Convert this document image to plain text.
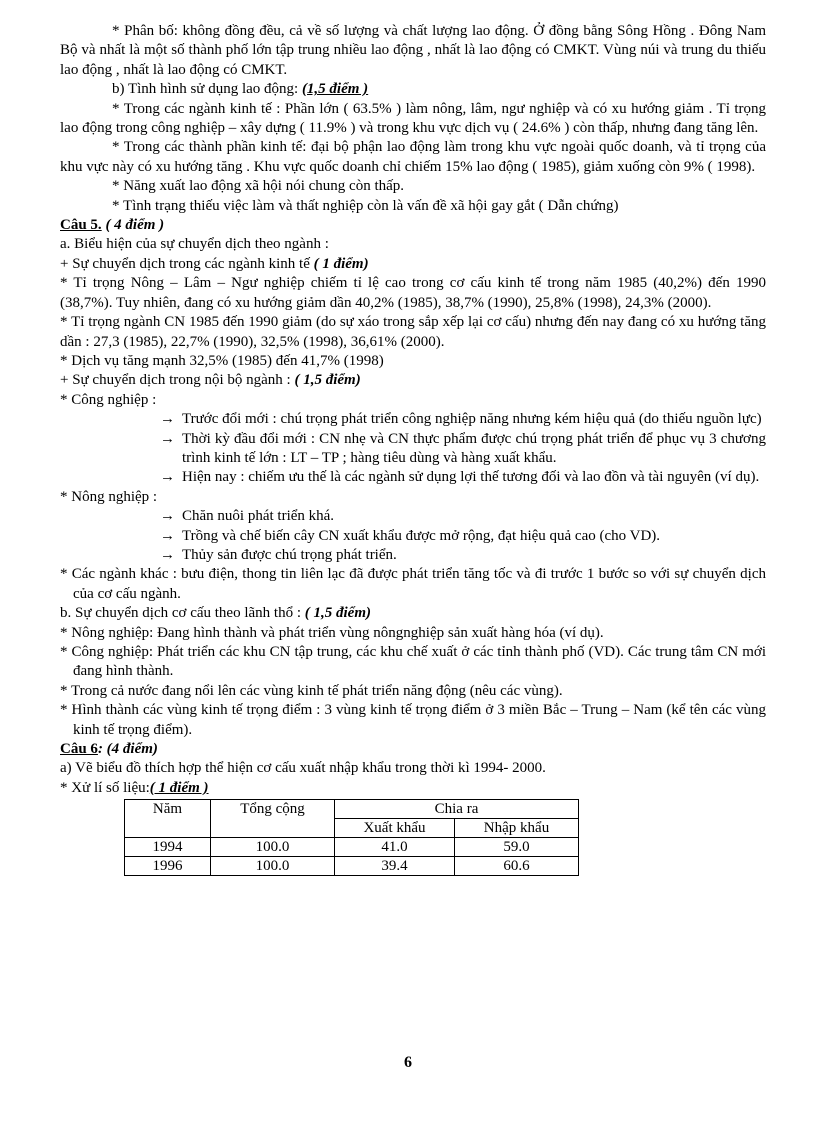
* Phân bố: không đồng đều, cả về số lượng và chất lượng lao động. Ở đồng bằng Sông Hồng . Đông Nam Bộ và nhất là một số thành phố lớn tập trung nhiều lao động , nhất là lao động có CMKT. Vùng núi và trung du thiếu lao động , nhất là lao động có CMKT.

b) Tình hình sử dụng lao động: (1,5 điểm )

* Trong các ngành kinh tế : Phần lớn ( 63.5% ) làm nông, lâm, ngư nghiệp và có xu hướng giảm . Tỉ trọng lao động trong công nghiệp – xây dựng ( 11.9% ) và trong khu vực dịch vụ ( 24.6% ) còn thấp, nhưng đang tăng lên.

* Trong các thành phần kinh tế: đại bộ phận lao động làm trong khu vực ngoài quốc doanh, và tỉ trọng của khu vực này có xu hướng tăng . Khu vực quốc doanh chỉ chiếm 15% lao động ( 1985), giảm xuống còn 9% ( 1998).

* Năng xuất lao động xã hội nói chung còn thấp.

* Tình trạng thiếu việc làm và thất nghiệp còn là vấn đề xã hội gay gắt ( Dẫn chứng)

Câu 5. ( 4 điểm )

a. Biểu hiện của sự chuyển dịch theo ngành :

+ Sự chuyển dịch trong các ngành kinh tế ( 1 điểm)

* Tỉ trọng Nông – Lâm – Ngư nghiệp chiếm tỉ lệ cao trong cơ cấu kinh tế trong năm 1985 (40,2%) đến 1990 (38,7%). Tuy nhiên, đang có xu hướng giảm dần 40,2% (1985), 38,7% (1990), 25,8% (1998), 24,3% (2000).

* Tỉ trọng ngành CN 1985 đến 1990 giảm (do sự xáo trong sắp xếp lại cơ cấu) nhưng đến nay đang có xu hướng tăng dần : 27,3 (1985), 22,7% (1990), 32,5% (1998), 36,61% (2000).

* Dịch vụ tăng mạnh 32,5% (1985) đến 41,7% (1998)

+ Sự chuyển dịch trong nội bộ ngành : ( 1,5 điểm)

* Công nghiệp :

→ Trước đổi mới : chú trọng phát triển công nghiệp năng nhưng kém hiệu quả (do thiếu nguồn lực)
→ Thời kỳ đầu đổi mới : CN nhẹ và CN thực phẩm được chú trọng phát triển để phục vụ 3 chương trình kinh tế lớn : LT – TP ; hàng tiêu dùng và hàng xuất khẩu.
→ Hiện nay : chiếm ưu thế là các ngành sử dụng lợi thế tương đối và lao đồn và tài nguyên (ví dụ).

* Nông nghiệp :

→ Chăn nuôi phát triển khá.
→ Trồng và chế biến cây CN xuất khẩu được mở rộng, đạt hiệu quả cao (cho VD).
→ Thủy sản được chú trọng phát triển.

* Các ngành khác : bưu điện, thong tin liên lạc đã được phát triển tăng tốc và đi trước 1 bước so với sự chuyển dịch của cơ cấu ngành.

b. Sự chuyển dịch cơ cấu theo lãnh thổ : ( 1,5 điểm)

* Nông nghiệp: Đang hình thành và phát triển vùng nôngnghiệp sản xuất hàng hóa (ví dụ).

* Công nghiệp: Phát triển các khu CN tập trung, các khu chế xuất ở các tỉnh thành phố (VD). Các trung tâm CN mới đang hình thành.

* Trong cả nước đang nổi lên các vùng kinh tế phát triển năng động (nêu các vùng).

* Hình thành các vùng kinh tế trọng điểm : 3 vùng kinh tế trọng điểm ở 3 miền Bắc – Trung – Nam (kể tên các vùng kinh tế trọng điểm).

Câu 6: (4 điểm)

a) Vẽ biểu đồ thích hợp thể hiện cơ cấu xuất nhập khẩu trong thời kì 1994- 2000.

* Xử lí số liệu:( 1 điểm )

Năm	Tổng cộng	Chia ra	
		Xuất khẩu	Nhập khẩu
1994	100.0	41.0	59.0
1996	100.0	39.4	60.6
6
